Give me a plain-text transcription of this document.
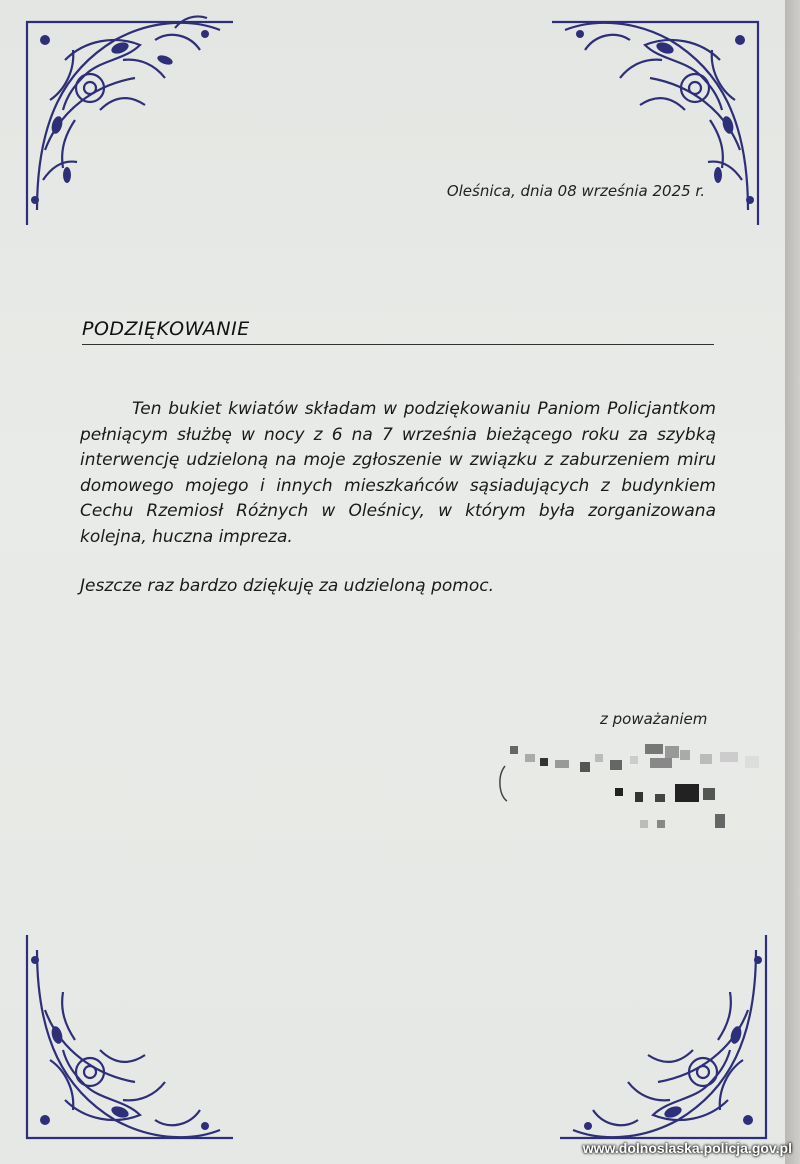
Oleśnica, dnia 08 września 2025 r.
PODZIĘKOWANIE
Ten bukiet kwiatów składam w podziękowaniu Paniom Policjantkom pełniącym służbę w nocy z 6 na 7 września bieżącego roku za szybką interwencję udzieloną na moje zgłoszenie w związku z zaburzeniem miru domowego mojego i innych mieszkańców sąsiadujących z budynkiem Cechu Rzemiosł Różnych w Oleśnicy, w którym była zorganizowana kolejna, huczna impreza.
Jeszcze raz bardzo dziękuję za udzieloną pomoc.
z poważaniem
www.dolnoslaska.policja.gov.pl
